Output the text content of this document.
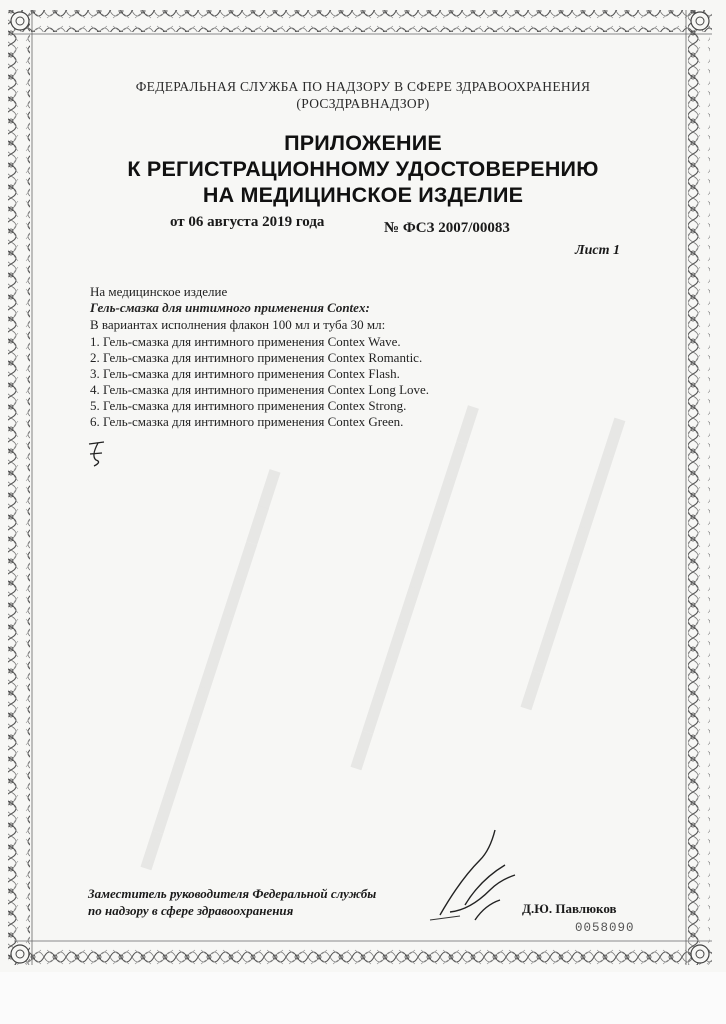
▬▬▬▬▬▬▬▬▬▬▬ ▬▬▬▬▬▬▬▬▬▬ ▬▬▬▬▬▬▬▬
ФЕДЕРАЛЬНАЯ СЛУЖБА ПО НАДЗОРУ В СФЕРЕ ЗДРАВООХРАНЕНИЯ
(РОСЗДРАВНАДЗОР)
ПРИЛОЖЕНИЕ
К РЕГИСТРАЦИОННОМУ УДОСТОВЕРЕНИЮ
НА МЕДИЦИНСКОЕ ИЗДЕЛИЕ
от 06 августа 2019 года	№ ФСЗ 2007/00083
Лист 1
На медицинское изделие
Гель-смазка для интимного применения Contex:
В вариантах исполнения флакон 100 мл и туба 30 мл:
1. Гель-смазка для интимного применения Contex Wave.
2. Гель-смазка для интимного применения Contex Romantic.
3. Гель-смазка для интимного применения Contex Flash.
4. Гель-смазка для интимного применения Contex Long Love.
5. Гель-смазка для интимного применения Contex Strong.
6. Гель-смазка для интимного применения Contex Green.
Заместитель руководителя Федеральной службы
по надзору в сфере здравоохранения	Д.Ю. Павлюков
0058090
